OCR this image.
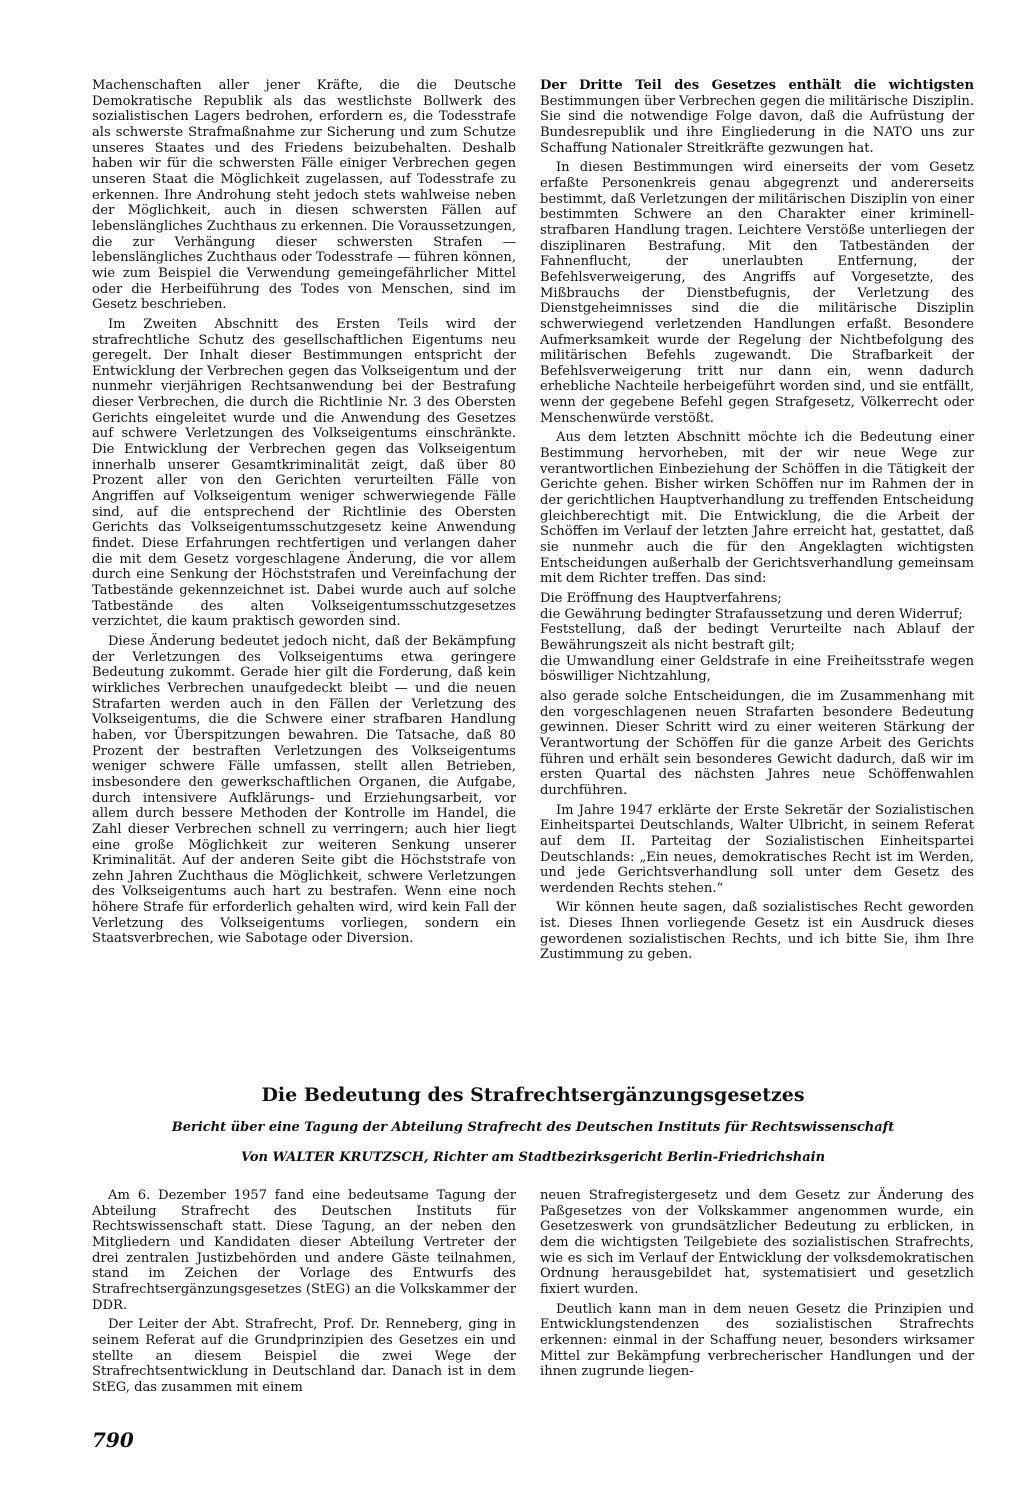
Machenschaften aller jener Kräfte, die die Deutsche Demokratische Republik als das westlichste Bollwerk des sozialistischen Lagers bedrohen, erfordern es, die Todesstrafe als schwerste Strafmaßnahme zur Sicherung und zum Schutze unseres Staates und des Friedens beizubehalten. Deshalb haben wir für die schwersten Fälle einiger Verbrechen gegen unseren Staat die Möglichkeit zugelassen, auf Todesstrafe zu erkennen. Ihre Androhung steht jedoch stets wahlweise neben der Möglichkeit, auch in diesen schwersten Fällen auf lebenslängliches Zuchthaus zu erkennen. Die Voraussetzungen, die zur Verhängung dieser schwersten Strafen — lebenslängliches Zuchthaus oder Todesstrafe — führen können, wie zum Beispiel die Verwendung gemeingefährlicher Mittel oder die Herbeiführung des Todes von Menschen, sind im Gesetz beschrieben.

Im Zweiten Abschnitt des Ersten Teils wird der strafrechtliche Schutz des gesellschaftlichen Eigentums neu geregelt. Der Inhalt dieser Bestimmungen entspricht der Entwicklung der Verbrechen gegen das Volkseigentum und der nunmehr vierjährigen Rechtsanwendung bei der Bestrafung dieser Verbrechen, die durch die Richtlinie Nr. 3 des Obersten Gerichts eingeleitet wurde und die Anwendung des Gesetzes auf schwere Verletzungen des Volkseigentums einschränkte. Die Entwicklung der Verbrechen gegen das Volkseigentum innerhalb unserer Gesamtkriminalität zeigt, daß über 80 Prozent aller von den Gerichten verurteilten Fälle von Angriffen auf Volkseigentum weniger schwerwiegende Fälle sind, auf die entsprechend der Richtlinie des Obersten Gerichts das Volkseigentumsschutzgesetz keine Anwendung findet. Diese Erfahrungen rechtfertigen und verlangen daher die mit dem Gesetz vorgeschlagene Änderung, die vor allem durch eine Senkung der Höchststrafen und Vereinfachung der Tatbestände gekennzeichnet ist. Dabei wurde auch auf solche Tatbestände des alten Volkseigentumsschutzgesetzes verzichtet, die kaum praktisch geworden sind.

Diese Änderung bedeutet jedoch nicht, daß der Bekämpfung der Verletzungen des Volkseigentums etwa geringere Bedeutung zukommt. Gerade hier gilt die Forderung, daß kein wirkliches Verbrechen unaufgedeckt bleibt — und die neuen Strafarten werden auch in den Fällen der Verletzung des Volkseigentums, die die Schwere einer strafbaren Handlung haben, vor Überspitzungen bewahren. Die Tatsache, daß 80 Prozent der bestraften Verletzungen des Volkseigentums weniger schwere Fälle umfassen, stellt allen Betrieben, insbesondere den gewerkschaftlichen Organen, die Aufgabe, durch intensivere Aufklärungs- und Erziehungsarbeit, vor allem durch bessere Methoden der Kontrolle im Handel, die Zahl dieser Verbrechen schnell zu verringern; auch hier liegt eine große Möglichkeit zur weiteren Senkung unserer Kriminalität. Auf der anderen Seite gibt die Höchststrafe von zehn Jahren Zuchthaus die Möglichkeit, schwere Verletzungen des Volkseigentums auch hart zu bestrafen. Wenn eine noch höhere Strafe für erforderlich gehalten wird, wird kein Fall der Verletzung des Volkseigentums vorliegen, sondern ein Staatsverbrechen, wie Sabotage oder Diversion.

Der Dritte Teil des Gesetzes enthält die wichtigsten Bestimmungen über Verbrechen gegen die militärische Disziplin. Sie sind die notwendige Folge davon, daß die Aufrüstung der Bundesrepublik und ihre Eingliederung in die NATO uns zur Schaffung Nationaler Streitkräfte gezwungen hat.

In diesen Bestimmungen wird einerseits der vom Gesetz erfaßte Personenkreis genau abgegrenzt und andererseits bestimmt, daß Verletzungen der militärischen Disziplin von einer bestimmten Schwere an den Charakter einer kriminell-strafbaren Handlung tragen. Leichtere Verstöße unterliegen der disziplinaren Bestrafung. Mit den Tatbeständen der Fahnenflucht, der unerlaubten Entfernung, der Befehlsverweigerung, des Angriffs auf Vorgesetzte, des Mißbrauchs der Dienstbefugnis, der Verletzung des Dienstgeheimnisses sind die die militärische Disziplin schwerwiegend verletzenden Handlungen erfaßt. Besondere Aufmerksamkeit wurde der Regelung der Nichtbefolgung des militärischen Befehls zugewandt. Die Strafbarkeit der Befehlsverweigerung tritt nur dann ein, wenn dadurch erhebliche Nachteile herbeigeführt worden sind, und sie entfällt, wenn der gegebene Befehl gegen Strafgesetz, Völkerrecht oder Menschenwürde verstößt.

Aus dem letzten Abschnitt möchte ich die Bedeutung einer Bestimmung hervorheben, mit der wir neue Wege zur verantwortlichen Einbeziehung der Schöffen in die Tätigkeit der Gerichte gehen. Bisher wirken Schöffen nur im Rahmen der in der gerichtlichen Hauptverhandlung zu treffenden Entscheidung gleichberechtigt mit. Die Entwicklung, die die Arbeit der Schöffen im Verlauf der letzten Jahre erreicht hat, gestattet, daß sie nunmehr auch die für den Angeklagten wichtigsten Entscheidungen außerhalb der Gerichtsverhandlung gemeinsam mit dem Richter treffen. Das sind:

Die Eröffnung des Hauptverfahrens;
die Gewährung bedingter Strafaussetzung und deren Widerruf;
Feststellung, daß der bedingt Verurteilte nach Ablauf der Bewährungszeit als nicht bestraft gilt;
die Umwandlung einer Geldstrafe in eine Freiheitsstrafe wegen böswilliger Nichtzahlung,

also gerade solche Entscheidungen, die im Zusammenhang mit den vorgeschlagenen neuen Strafarten besondere Bedeutung gewinnen. Dieser Schritt wird zu einer weiteren Stärkung der Verantwortung der Schöffen für die ganze Arbeit des Gerichts führen und erhält sein besonderes Gewicht dadurch, daß wir im ersten Quartal des nächsten Jahres neue Schöffenwahlen durchführen.

Im Jahre 1947 erklärte der Erste Sekretär der Sozialistischen Einheitspartei Deutschlands, Walter Ulbricht, in seinem Referat auf dem II. Parteitag der Sozialistischen Einheitspartei Deutschlands: „Ein neues, demokratisches Recht ist im Werden, und jede Gerichtsverhandlung soll unter dem Gesetz des werdenden Rechts stehen.“

Wir können heute sagen, daß sozialistisches Recht geworden ist. Dieses Ihnen vorliegende Gesetz ist ein Ausdruck dieses gewordenen sozialistischen Rechts, und ich bitte Sie, ihm Ihre Zustimmung zu geben.

Die Bedeutung des Strafrechtsergänzungsgesetzes
Bericht über eine Tagung der Abteilung Strafrecht des Deutschen Instituts für Rechtswissenschaft
Von WALTER KRUTZSCH, Richter am Stadtbezirksgericht Berlin-Friedrichshain

Am 6. Dezember 1957 fand eine bedeutsame Tagung der Abteilung Strafrecht des Deutschen Instituts für Rechtswissenschaft statt. Diese Tagung, an der neben den Mitgliedern und Kandidaten dieser Abteilung Vertreter der drei zentralen Justizbehörden und andere Gäste teilnahmen, stand im Zeichen der Vorlage des Entwurfs des Strafrechtsergänzungsgesetzes (StEG) an die Volkskammer der DDR.

Der Leiter der Abt. Strafrecht, Prof. Dr. Renneberg, ging in seinem Referat auf die Grundprinzipien des Gesetzes ein und stellte an diesem Beispiel die zwei Wege der Strafrechtsentwicklung in Deutschland dar. Danach ist in dem StEG, das zusammen mit einem

neuen Strafregistergesetz und dem Gesetz zur Änderung des Paßgesetzes von der Volkskammer angenommen wurde, ein Gesetzeswerk von grundsätzlicher Bedeutung zu erblicken, in dem die wichtigsten Teilgebiete des sozialistischen Strafrechts, wie es sich im Verlauf der Entwicklung der volksdemokratischen Ordnung herausgebildet hat, systematisiert und gesetzlich fixiert wurden.

Deutlich kann man in dem neuen Gesetz die Prinzipien und Entwicklungstendenzen des sozialistischen Strafrechts erkennen: einmal in der Schaffung neuer, besonders wirksamer Mittel zur Bekämpfung verbrecherischer Handlungen und der ihnen zugrunde liegen-

790
